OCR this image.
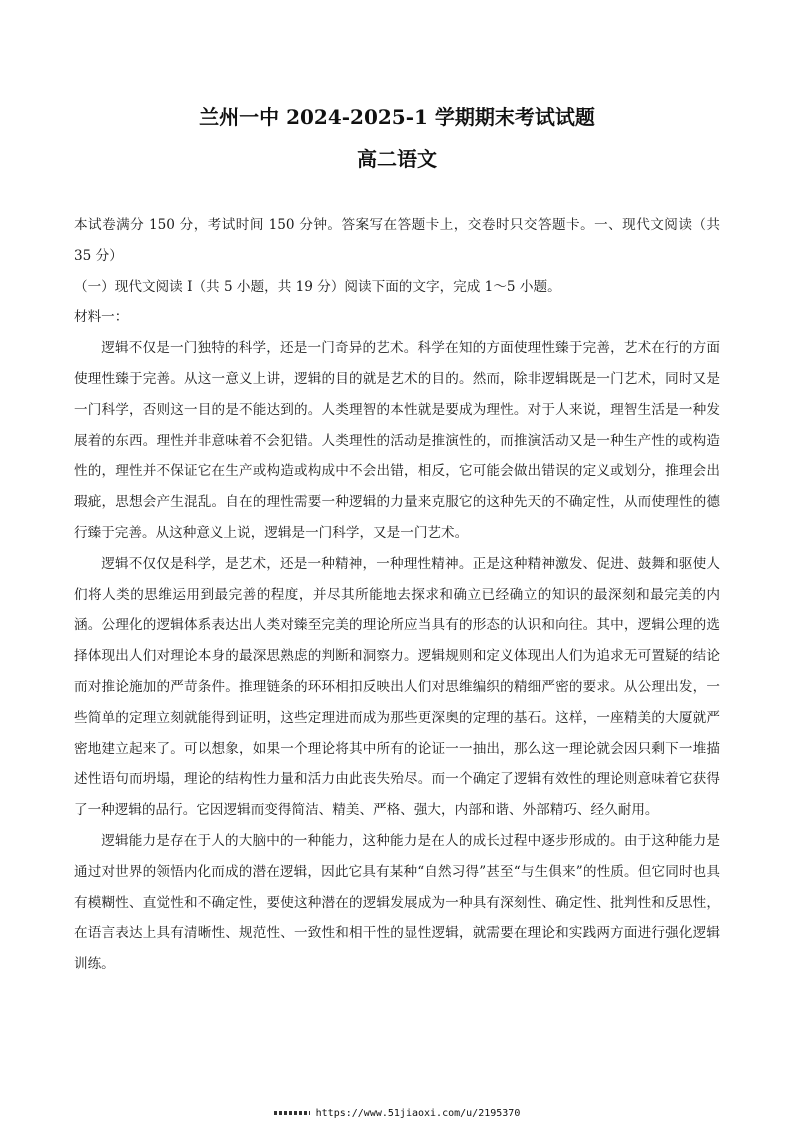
兰州一中 2024-2025-1 学期期末考试试题
高二语文

本试卷满分 150 分，考试时间 150 分钟。答案写在答题卡上，交卷时只交答题卡。一、现代文阅读（共 35 分）

（一）现代文阅读 I（共 5 小题，共 19 分）阅读下面的文字，完成 1～5 小题。

材料一：

逻辑不仅是一门独特的科学，还是一门奇异的艺术。科学在知的方面使理性臻于完善，艺术在行的方面使理性臻于完善。从这一意义上讲，逻辑的目的就是艺术的目的。然而，除非逻辑既是一门艺术，同时又是一门科学，否则这一目的是不能达到的。人类理智的本性就是要成为理性。对于人来说，理智生活是一种发展着的东西。理性并非意味着不会犯错。人类理性的活动是推演性的，而推演活动又是一种生产性的或构造性的，理性并不保证它在生产或构造或构成中不会出错，相反，它可能会做出错误的定义或划分，推理会出瑕疵，思想会产生混乱。自在的理性需要一种逻辑的力量来克服它的这种先天的不确定性，从而使理性的德行臻于完善。从这种意义上说，逻辑是一门科学，又是一门艺术。

逻辑不仅仅是科学，是艺术，还是一种精神，一种理性精神。正是这种精神激发、促进、鼓舞和驱使人们将人类的思维运用到最完善的程度，并尽其所能地去探求和确立已经确立的知识的最深刻和最完美的内涵。公理化的逻辑体系表达出人类对臻至完美的理论所应当具有的形态的认识和向往。其中，逻辑公理的选择体现出人们对理论本身的最深思熟虑的判断和洞察力。逻辑规则和定义体现出人们为追求无可置疑的结论而对推论施加的严苛条件。推理链条的环环相扣反映出人们对思维编织的精细严密的要求。从公理出发，一些简单的定理立刻就能得到证明，这些定理进而成为那些更深奥的定理的基石。这样，一座精美的大厦就严密地建立起来了。可以想象，如果一个理论将其中所有的论证一一抽出，那么这一理论就会因只剩下一堆描述性语句而坍塌，理论的结构性力量和活力由此丧失殆尽。而一个确定了逻辑有效性的理论则意味着它获得了一种逻辑的品行。它因逻辑而变得简洁、精美、严格、强大，内部和谐、外部精巧、经久耐用。

逻辑能力是存在于人的大脑中的一种能力，这种能力是在人的成长过程中逐步形成的。由于这种能力是通过对世界的领悟内化而成的潜在逻辑，因此它具有某种“自然习得”甚至“与生俱来”的性质。但它同时也具有模糊性、直觉性和不确定性，要使这种潜在的逻辑发展成为一种具有深刻性、确定性、批判性和反思性，在语言表达上具有清晰性、规范性、一致性和相干性的显性逻辑，就需要在理论和实践两方面进行强化逻辑训练。

https://www.51jiaoxi.com/u/2195370
